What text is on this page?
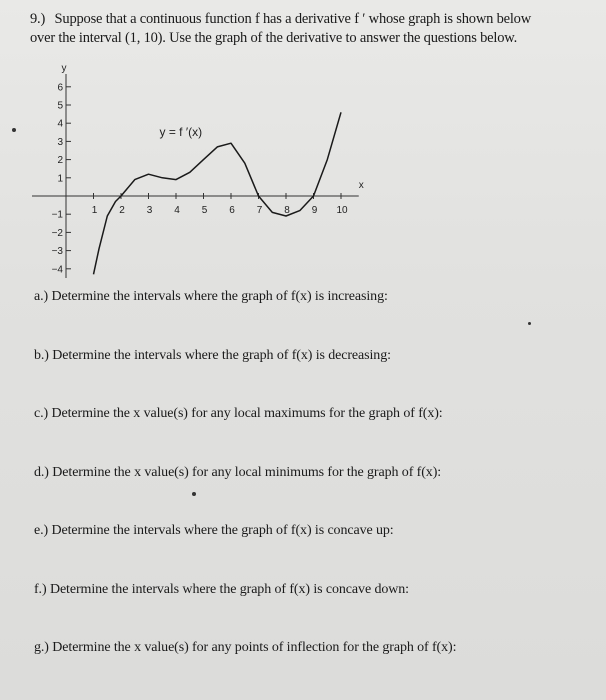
9.) Suppose that a continuous function f has a derivative f ′ whose graph is shown below
over the interval (1, 10). Use the graph of the derivative to answer the questions below.
1 2 3 4 5 6 7 8 9 10
6
5
4
3
2
1
−1
−2
−3
−4
y
x
y = f ′(x)
a.) Determine the intervals where the graph of f(x) is increasing:
b.) Determine the intervals where the graph of f(x) is decreasing:
c.) Determine the x value(s) for any local maximums for the graph of f(x):
d.) Determine the x value(s) for any local minimums for the graph of f(x):
e.) Determine the intervals where the graph of f(x) is concave up:
f.) Determine the intervals where the graph of f(x) is concave down:
g.) Determine the x value(s) for any points of inflection for the graph of f(x):
